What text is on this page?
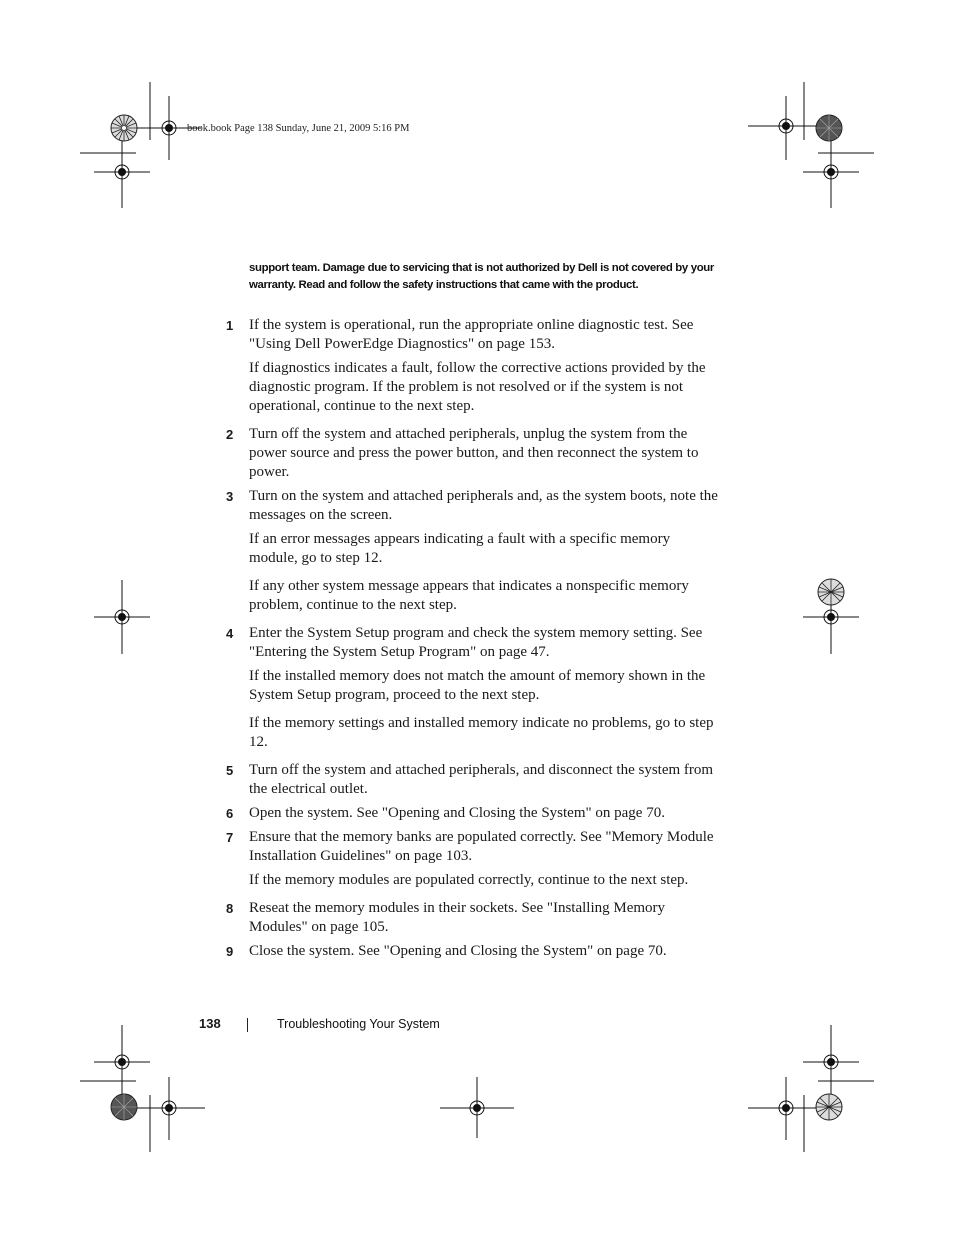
book.book Page 138 Sunday, June 21, 2009 5:16 PM
support team. Damage due to servicing that is not authorized by Dell is not covered by your warranty. Read and follow the safety instructions that came with the product.
1 If the system is operational, run the appropriate online diagnostic test. See "Using Dell PowerEdge Diagnostics" on page 153.

If diagnostics indicates a fault, follow the corrective actions provided by the diagnostic program. If the problem is not resolved or if the system is not operational, continue to the next step.

2 Turn off the system and attached peripherals, unplug the system from the power source and press the power button, and then reconnect the system to power.

3 Turn on the system and attached peripherals and, as the system boots, note the messages on the screen.

If an error messages appears indicating a fault with a specific memory module, go to step 12.

If any other system message appears that indicates a nonspecific memory problem, continue to the next step.

4 Enter the System Setup program and check the system memory setting. See "Entering the System Setup Program" on page 47.

If the installed memory does not match the amount of memory shown in the System Setup program, proceed to the next step.

If the memory settings and installed memory indicate no problems, go to step 12.

5 Turn off the system and attached peripherals, and disconnect the system from the electrical outlet.

6 Open the system. See "Opening and Closing the System" on page 70.

7 Ensure that the memory banks are populated correctly. See "Memory Module Installation Guidelines" on page 103.

If the memory modules are populated correctly, continue to the next step.

8 Reseat the memory modules in their sockets. See "Installing Memory Modules" on page 105.

9 Close the system. See "Opening and Closing the System" on page 70.

138	Troubleshooting Your System
